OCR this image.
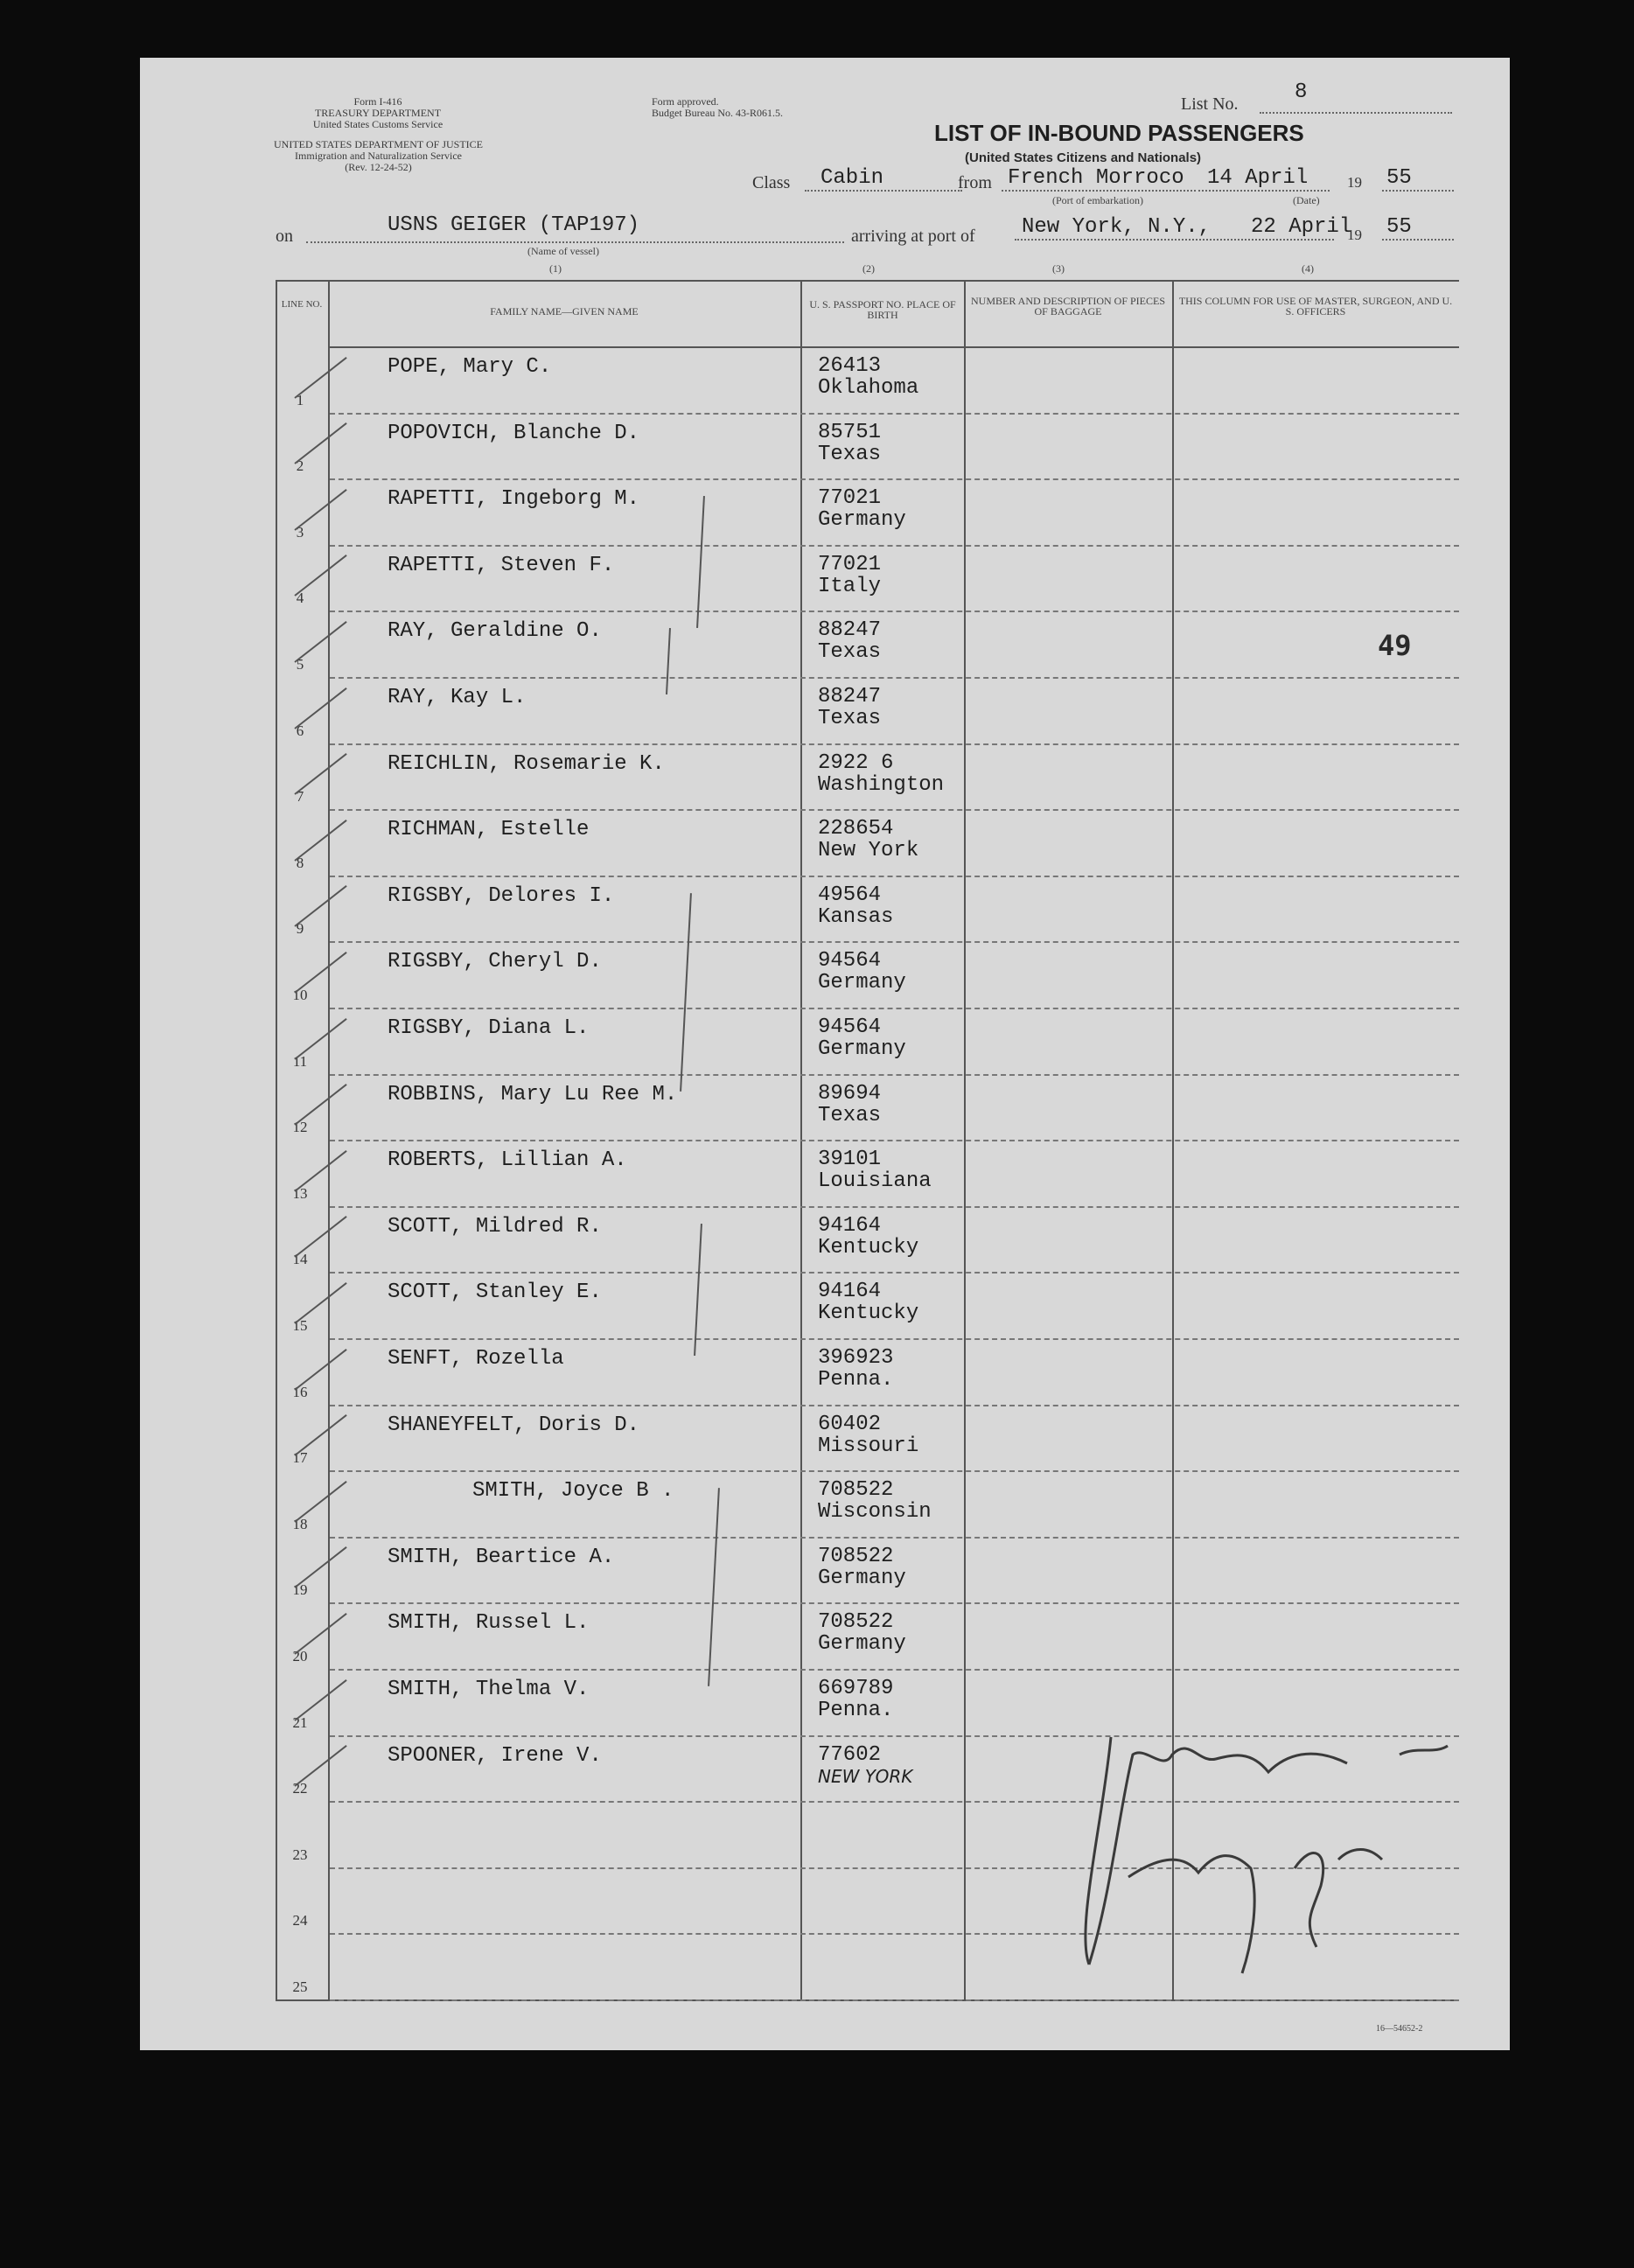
Form I-416
TREASURY DEPARTMENT
United States Customs Service
UNITED STATES DEPARTMENT OF JUSTICE
Immigration and Naturalization Service
(Rev. 12-24-52)
Form approved.
Budget Bureau No. 43-R061.5.	List No.	8
LIST OF IN-BOUND PASSENGERS
(United States Citizens and Nationals)
Class Cabin	from French Morroco
(Port of embarkation)
14 April
(Date)
19 55
on	USNS GEIGER (TAP197)
(Name of vessel)
arriving at port of New York, N.Y., 22 April
19 55
(1)	(2)	(3)	(4)
LINE NO.
FAMILY NAME—GIVEN NAME
U. S. PASSPORT NO. PLACE OF BIRTH
NUMBER AND DESCRIPTION OF PIECES OF BAGGAGE
THIS COLUMN FOR USE OF MASTER, SURGEON, AND U. S. OFFICERS
1
POPE, Mary C.	26413
Oklahoma
2
POPOVICH, Blanche D.	85751
Texas
3
RAPETTI, Ingeborg M.	77021
Germany
4
RAPETTI, Steven F.	77021
Italy
5
RAY, Geraldine O.	88247
Texas
6
RAY, Kay L.	88247
Texas
7
REICHLIN, Rosemarie K.	2922 6
Washington
8
RICHMAN, Estelle	228654
New York
9
RIGSBY, Delores I.	49564
Kansas
10
RIGSBY, Cheryl D.	94564
Germany
11
RIGSBY, Diana L.	94564
Germany
12
ROBBINS, Mary Lu Ree M.	89694
Texas
13
ROBERTS, Lillian A.	39101
Louisiana
14
SCOTT, Mildred R.	94164
Kentucky
15
SCOTT, Stanley E.	94164
Kentucky
16
SENFT, Rozella	396923
Penna.
17
SHANEYFELT, Doris D.	60402
Missouri
18
SMITH, Joyce B .	708522
Wisconsin
19
SMITH, Beartice A.	708522
Germany
20
SMITH, Russel L.	708522
Germany
21
SMITH, Thelma V.	669789
Penna.
22
SPOONER, Irene V.	77602
NEW YORK
23
24
25
49
16—54652-2
